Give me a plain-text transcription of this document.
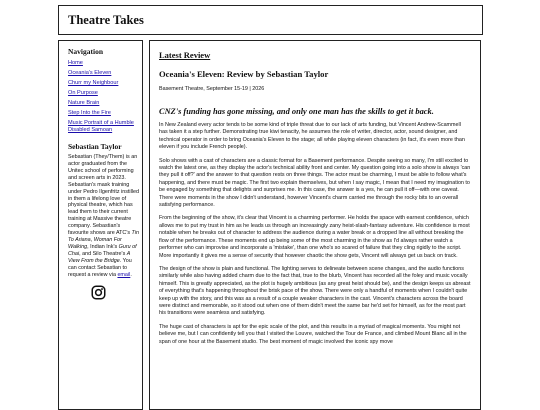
Theatre Takes
Navigation
Home
Oceania's Eleven
Churr my Neighbour
On Purpose
Nature Brain
Step Into the Fire
Music Portrait of a Humble Disabled Samoan
Sebastian Taylor
Sebastian (They/Them) is an actor graduated from the Unitec school of performing and screen arts in 2023. Sebastian's mask training under Pedro Ilgenfritz instilled in them a lifelong love of physical theatre, which has lead them to their current training at Massive theatre company. Sebastian's favourite shows are ATC's Tin To Ariana, Woman For Walking, Indian Ink's Guru of Chai, and Silo Theatre's A View From the Bridge. You can contact Sebastian to request a review via email.
Latest Review
Oceania's Eleven: Review by Sebastian Taylor
Basement Theatre, September 15-19 | 2026
CNZ's funding has gone missing, and only one man has the skills to get it back.

In New Zealand every actor tends to be some kind of triple threat due to our lack of arts funding, but Vincent Andrew-Scammell has taken it a step further. Demonstrating true kiwi tenacity, he assumes the role of writer, director, actor, sound designer, and technical operator in order to bring Oceania's Eleven to the stage; all while playing eleven characters (in fact, it's even more than eleven if you include French people).

Solo shows with a cast of characters are a classic format for a Basement performance. Despite seeing so many, I'm still excited to watch the latest one, as they display the actor's technical ability front and center. My question going into a solo show is always 'can they pull it off?' and the answer to that question rests on three things. The actor must be charming, I must be able to follow what's happening, and there must be magic. The first two explain themselves, but when I say magic, I mean that I need my imagination to be engaged by something that delights and surprises me. In this case, the answer is a yes, he can pull it off—with one caveat. There were moments in the show I didn't understand, however Vincent's charm carried me through the rocky bits to an overall satisfying performance.

From the beginning of the show, it's clear that Vincent is a charming performer. He holds the space with earnest confidence, which allows me to put my trust in him as he leads us through an increasingly zany heist-slash-fantasy adventure. His confidence is most notable when he breaks out of character to address the audience during a water break or a dropped line all without breaking the flow of the performance. These moments end up being some of the most charming in the show as I'd always rather watch a performer who can improvise and incorporate a 'mistake', than one who's so scared of failure that they cling rigidly to the script. More importantly it gives me a sense of security that however chaotic the show gets, Vincent will always get us back on track.

The design of the show is plain and functional. The lighting serves to delineate between scene changes, and the audio functions similarly while also having added charm due to the fact that, true to the blurb, Vincent has recorded all the foley and music vocally himself. This is greatly appreciated, as the plot is hugely ambitious (as any great heist should be), and the design keeps us abreast of everything that's happening throughout the brisk pace of the show. There were only a handful of moments when I couldn't quite keep up with the story, and this was as a result of a couple weaker characters in the cast. Vincent's characters across the board were distinct and memorable, so it stood out when one of them didn't meet the same bar he'd set for himself, as for the most part his transitions were seamless and satisfying.

The huge cast of characters is apt for the epic scale of the plot, and this results in a myriad of magical moments. You might not believe me, but I can confidently tell you that I visited the Louvre, watched the Tour de France, and climbed Mount Blanc all in the span of one hour at the Basement studio. The best moment of magic involved the iconic spy move
